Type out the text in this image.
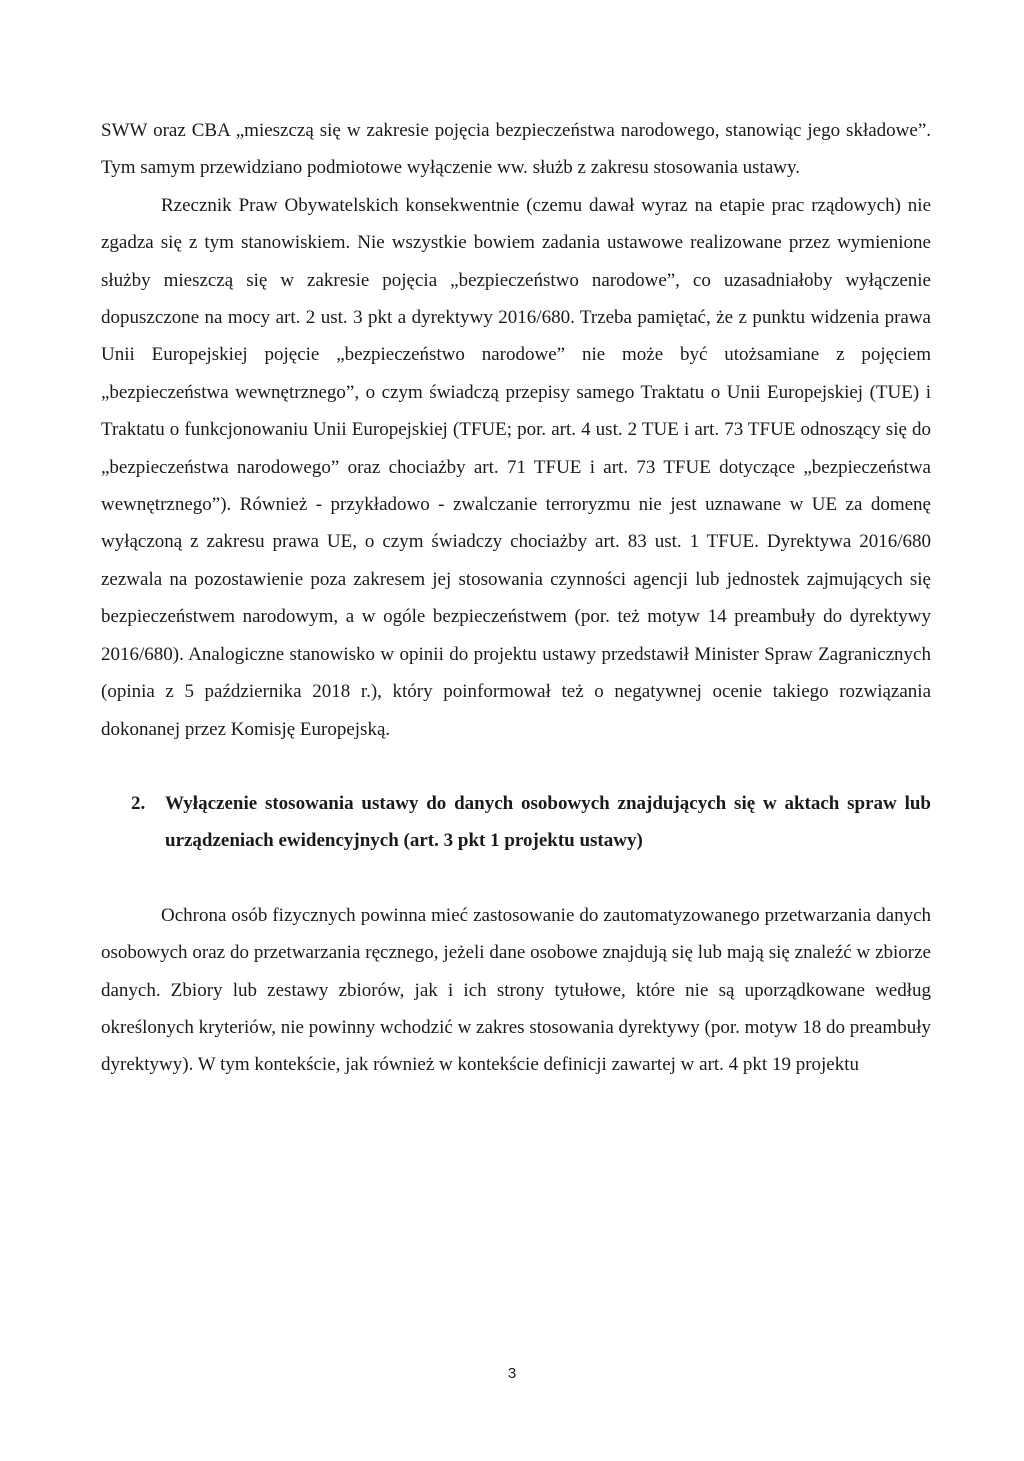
SWW oraz CBA „mieszczą się w zakresie pojęcia bezpieczeństwa narodowego, stanowiąc jego składowe”. Tym samym przewidziano podmiotowe wyłączenie ww. służb z zakresu stosowania ustawy.

Rzecznik Praw Obywatelskich konsekwentnie (czemu dawał wyraz na etapie prac rządowych) nie zgadza się z tym stanowiskiem. Nie wszystkie bowiem zadania ustawowe realizowane przez wymienione służby mieszczą się w zakresie pojęcia „bezpieczeństwo narodowe”, co uzasadniałoby wyłączenie dopuszczone na mocy art. 2 ust. 3 pkt a dyrektywy 2016/680. Trzeba pamiętać, że z punktu widzenia prawa Unii Europejskiej pojęcie „bezpieczeństwo narodowe” nie może być utożsamiane z pojęciem „bezpieczeństwa wewnętrznego”, o czym świadczą przepisy samego Traktatu o Unii Europejskiej (TUE) i Traktatu o funkcjonowaniu Unii Europejskiej (TFUE; por. art. 4 ust. 2 TUE i art. 73 TFUE odnoszący się do „bezpieczeństwa narodowego” oraz chociażby art. 71 TFUE i art. 73 TFUE dotyczące „bezpieczeństwa wewnętrznego”). Również - przykładowo - zwalczanie terroryzmu nie jest uznawane w UE za domenę wyłączoną z zakresu prawa UE, o czym świadczy chociażby art. 83 ust. 1 TFUE. Dyrektywa 2016/680 zezwala na pozostawienie poza zakresem jej stosowania czynności agencji lub jednostek zajmujących się bezpieczeństwem narodowym, a w ogóle bezpieczeństwem (por. też motyw 14 preambuły do dyrektywy 2016/680). Analogiczne stanowisko w opinii do projektu ustawy przedstawił Minister Spraw Zagranicznych (opinia z 5 października 2018 r.), który poinformował też o negatywnej ocenie takiego rozwiązania dokonanej przez Komisję Europejską.

2.	Wyłączenie stosowania ustawy do danych osobowych znajdujących się w aktach spraw lub urządzeniach ewidencyjnych (art. 3 pkt 1 projektu ustawy)

Ochrona osób fizycznych powinna mieć zastosowanie do zautomatyzowanego przetwarzania danych osobowych oraz do przetwarzania ręcznego, jeżeli dane osobowe znajdują się lub mają się znaleźć w zbiorze danych. Zbiory lub zestawy zbiorów, jak i ich strony tytułowe, które nie są uporządkowane według określonych kryteriów, nie powinny wchodzić w zakres stosowania dyrektywy (por. motyw 18 do preambuły dyrektywy). W tym kontekście, jak również w kontekście definicji zawartej w art. 4 pkt 19 projektu

3
